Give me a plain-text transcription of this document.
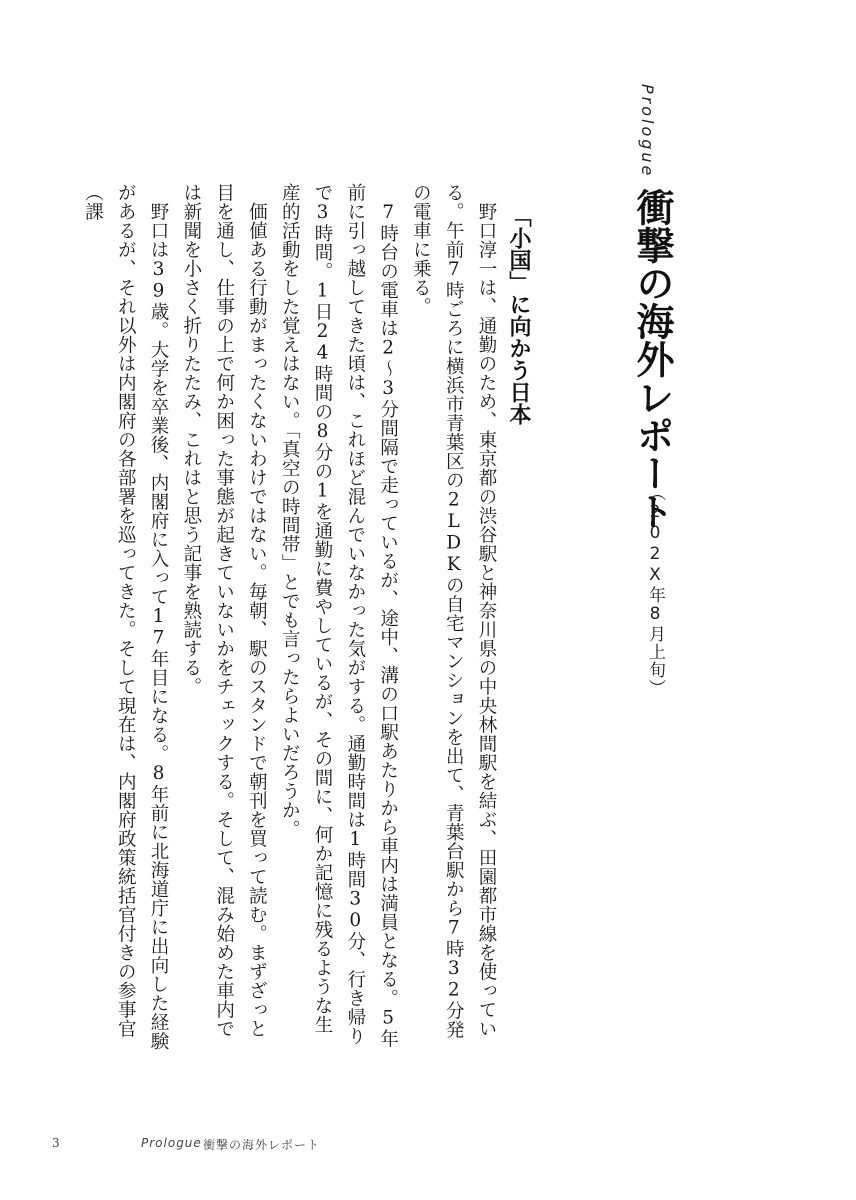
Prologue
衝撃の海外レポート
（202X年8月上旬）
「小国」に向かう日本

野口淳一は、通勤のため、東京都の渋谷駅と神奈川県の中央林間駅を結ぶ、田園都市線を使っている。午前7時ごろに横浜市青葉区の2LDKの自宅マンションを出て、青葉台駅から7時32分発の電車に乗る。

7時台の電車は2～3分間隔で走っているが、途中、溝の口駅あたりから車内は満員となる。5年前に引っ越してきた頃は、これほど混んでいなかった気がする。通勤時間は1時間30分、行き帰りで3時間。1日24時間の8分の1を通勤に費やしているが、その間に、何か記憶に残るような生産的活動をした覚えはない。「真空の時間帯」とでも言ったらよいだろうか。

価値ある行動がまったくないわけではない。毎朝、駅のスタンドで朝刊を買って読む。まずざっと目を通し、仕事の上で何か困った事態が起きていないかをチェックする。そして、混み始めた車内では新聞を小さく折りたたみ、これはと思う記事を熟読する。

野口は39歳。大学を卒業後、内閣府に入って17年目になる。8年前に北海道庁に出向した経験があるが、それ以外は内閣府の各部署を巡ってきた。そして現在は、内閣府政策統括官付きの参事官（課

3	Prologue 衝撃の海外レポート
